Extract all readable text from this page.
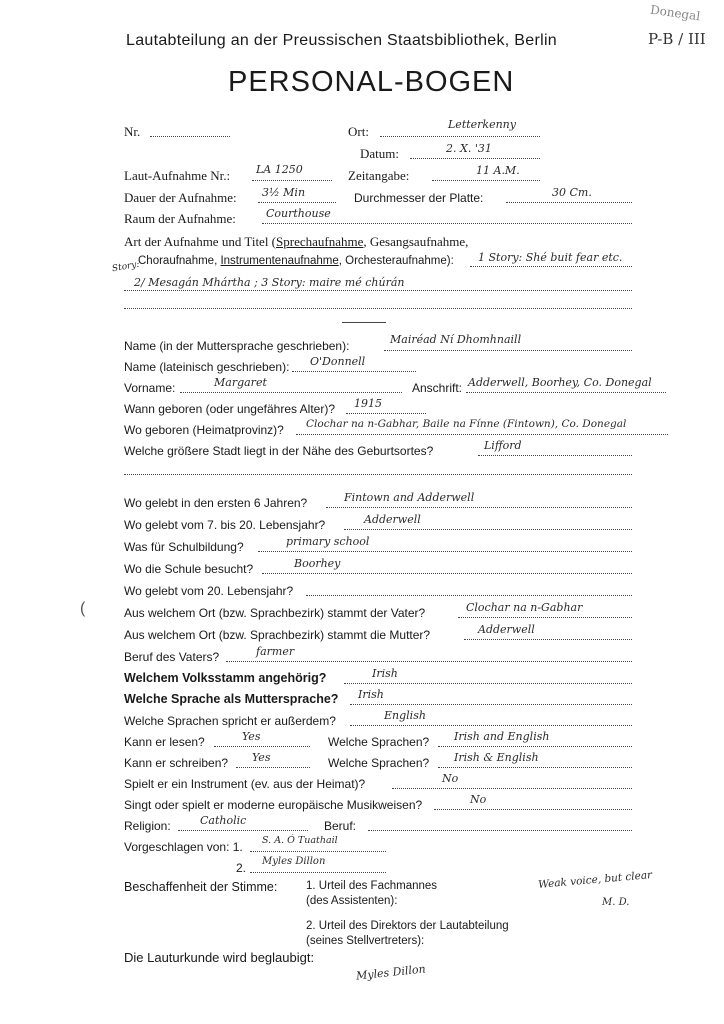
Donegal
P-B / III
Lautabteilung an der Preussischen Staatsbibliothek, Berlin
PERSONAL-BOGEN
Nr.	Ort:	Letterkenny
Datum:	2. X. '31
Laut-Aufnahme Nr.: LA 1250	Zeitangabe:	11 A.M.
Dauer der Aufnahme: 3½ Min	Durchmesser der Platte:	30 Cm.
Raum der Aufnahme:	Courthouse
Art der Aufnahme und Titel (Sprechaufnahme, Gesangsaufnahme,
Choraufnahme, Instrumentenaufnahme, Orchesteraufnahme):
Story:
1 Story: Shé buit fear etc.
2/ Mesagán Mhártha ; 3 Story: maire mé chúrán
Name (in der Muttersprache geschrieben):	Mairéad Ní Dhomhnaill
Name (lateinisch geschrieben): O'Donnell
Vorname:	Margaret	Anschrift: Adderwell, Boorhey, Co. Donegal
Wann geboren (oder ungefähres Alter)? 1915
Wo geboren (Heimatprovinz)? Clochar na n-Gabhar, Baile na Fínne (Fintown), Co. Donegal
Welche größere Stadt liegt in der Nähe des Geburtsortes?	Lifford
Wo gelebt in den ersten 6 Jahren?	Fintown and Adderwell
Wo gelebt vom 7. bis 20. Lebensjahr?	Adderwell
Was für Schulbildung?	primary school
Wo die Schule besucht?	Boorhey
Wo gelebt vom 20. Lebensjahr?
(	Aus welchem Ort (bzw. Sprachbezirk) stammt der Vater?	Clochar na n-Gabhar
Aus welchem Ort (bzw. Sprachbezirk) stammt die Mutter?	Adderwell
Beruf des Vaters?	farmer
Welchem Volksstamm angehörig?	Irish
Welche Sprache als Muttersprache? Irish
Welche Sprachen spricht er außerdem?	English
Kann er lesen?	Yes	Welche Sprachen? Irish and English
Kann er schreiben? Yes	Welche Sprachen? Irish & English
Spielt er ein Instrument (ev. aus der Heimat)?	No
Singt oder spielt er moderne europäische Musikweisen?	No
Religion:	Catholic	Beruf:
Vorgeschlagen von: 1. S. A. Ó Tuathail
2. Myles Dillon
Beschaffenheit der Stimme: 1. Urteil des Fachmannes
(des Assistenten):
Weak voice, but clear
M. D.
2. Urteil des Direktors der Lautabteilung
(seines Stellvertreters):
Die Lauturkunde wird beglaubigt:
Myles Dillon
